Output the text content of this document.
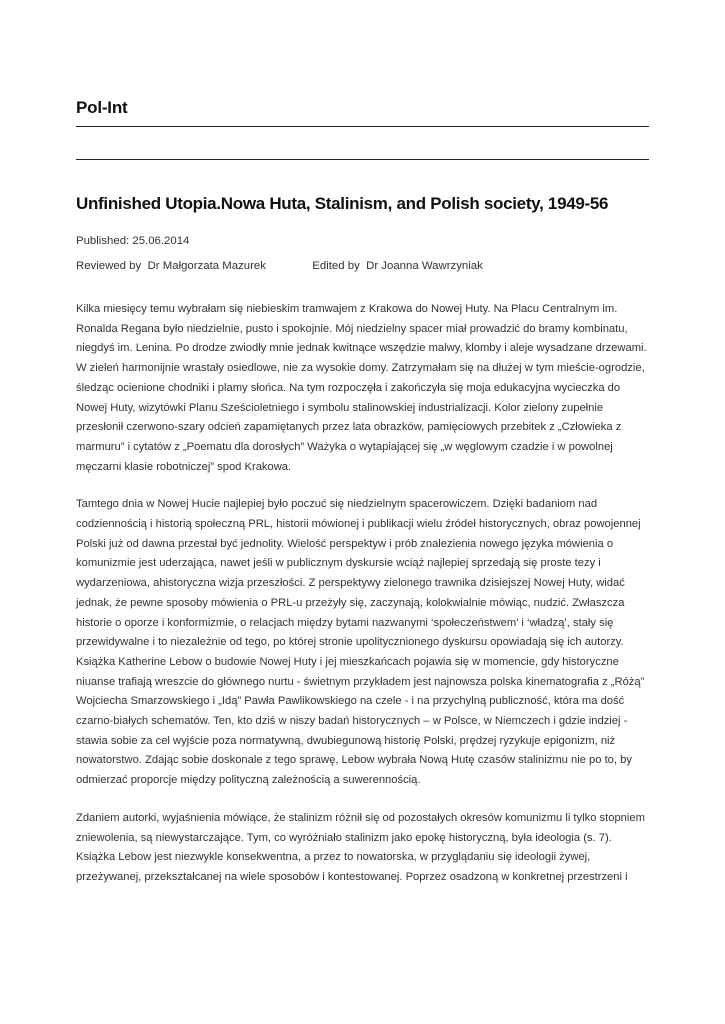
Pol-Int
Unfinished Utopia.Nowa Huta, Stalinism, and Polish society, 1949-56
Published: 25.06.2014
Reviewed by Dr Małgorzata Mazurek	Edited by Dr Joanna Wawrzyniak

Kilka miesięcy temu wybrałam się niebieskim tramwajem z Krakowa do Nowej Huty. Na Placu Centralnym im. Ronalda Regana było niedzielnie, pusto i spokojnie. Mój niedzielny spacer miał prowadzić do bramy kombinatu, niegdyś im. Lenina. Po drodze zwiodły mnie jednak kwitnące wszędzie malwy, klomby i aleje wysadzane drzewami. W zieleń harmonijnie wrastały osiedlowe, nie za wysokie domy. Zatrzymałam się na dłużej w tym mieście-ogrodzie, śledząc ocienione chodniki i plamy słońca. Na tym rozpoczęła i zakończyła się moja edukacyjna wycieczka do Nowej Huty, wizytówki Planu Sześcioletniego i symbolu stalinowskiej industrializacji. Kolor zielony zupełnie przesłonił czerwono-szary odcień zapamiętanych przez lata obrazków, pamięciowych przebitek z „Człowieka z marmuru” i cytatów z „Poematu dla dorosłych” Ważyka o wytapiającej się „w węglowym czadzie i w powolnej męczarni klasie robotniczej” spod Krakowa.

Tamtego dnia w Nowej Hucie najlepiej było poczuć się niedzielnym spacerowiczem. Dzięki badaniom nad codziennością i historią społeczną PRL, historii mówionej i publikacji wielu źródeł historycznych, obraz powojennej Polski już od dawna przestał być jednolity. Wielość perspektyw i prób znalezienia nowego języka mówienia o komunizmie jest uderzająca, nawet jeśli w publicznym dyskursie wciąż najlepiej sprzedają się proste tezy i wydarzeniowa, ahistoryczna wizja przeszłości. Z perspektywy zielonego trawnika dzisiejszej Nowej Huty, widać jednak, że pewne sposoby mówienia o PRL-u przeżyły się, zaczynają, kolokwialnie mówiąc, nudzić. Zwłaszcza historie o oporze i konformizmie, o relacjach między bytami nazwanymi ‘społeczeństwem’ i ‘władzą’, stały się przewidywalne i to niezależnie od tego, po której stronie upolitycznionego dyskursu opowiadają się ich autorzy. Książka Katherine Lebow o budowie Nowej Huty i jej mieszkańcach pojawia się w momencie, gdy historyczne niuanse trafiają wreszcie do głównego nurtu - świetnym przykładem jest najnowsza polska kinematografia z „Różą” Wojciecha Smarzowskiego i „Idą” Pawła Pawlikowskiego na czele - i na przychylną publiczność, która ma dość czarno-białych schematów. Ten, kto dziś w niszy badań historycznych – w Polsce, w Niemczech i gdzie indziej - stawia sobie za cel wyjście poza normatywną, dwubiegunową historię Polski, prędzej ryzykuje epigonizm, niż nowatorstwo. Zdając sobie doskonale z tego sprawę, Lebow wybrała Nową Hutę czasów stalinizmu nie po to, by odmierzać proporcje między polityczną zależnością a suwerennością.

Zdaniem autorki, wyjaśnienia mówiące, że stalinizm różnił się od pozostałych okresów komunizmu li tylko stopniem zniewolenia, są niewystarczające. Tym, co wyróżniało stalinizm jako epokę historyczną, była ideologia (s. 7). Książka Lebow jest niezwykle konsekwentna, a przez to nowatorska, w przyglądaniu się ideologii żywej, przeżywanej, przekształcanej na wiele sposobów i kontestowanej. Poprzez osadzoną w konkretnej przestrzeni i
